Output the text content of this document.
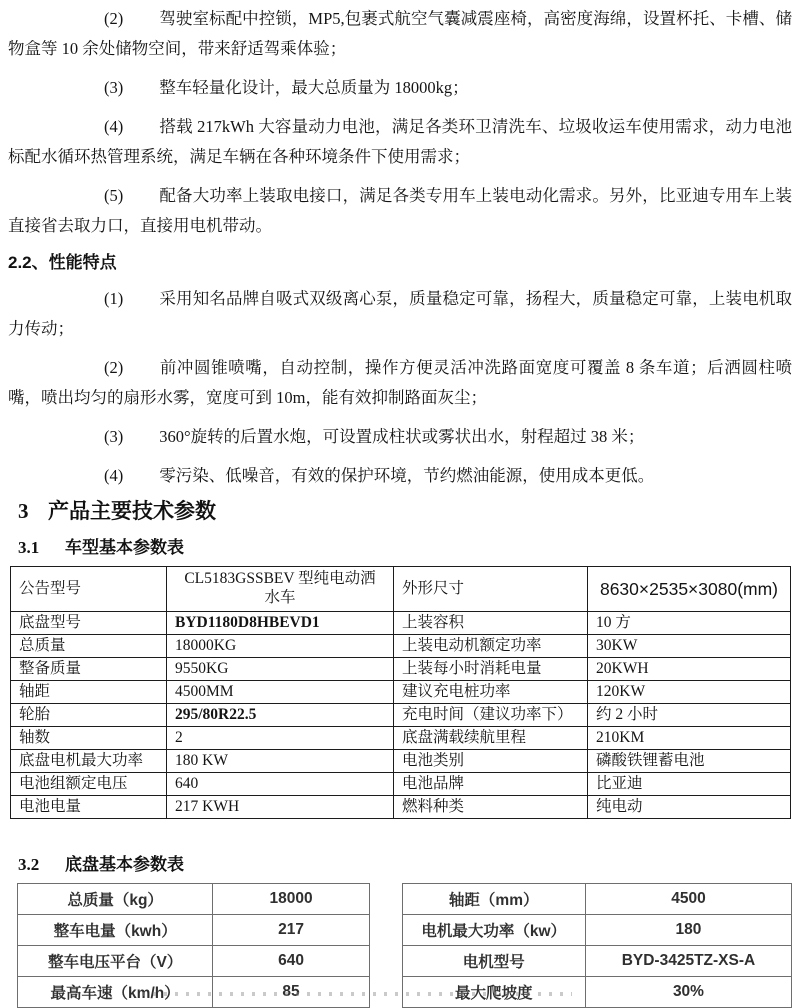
(2) 驾驶室标配中控锁，MP5,包裹式航空气囊减震座椅，高密度海绵，设置杯托、卡槽、储物盒等 10 余处储物空间，带来舒适驾乘体验；

(3) 整车轻量化设计，最大总质量为 18000kg；

(4) 搭载 217kWh 大容量动力电池，满足各类环卫清洗车、垃圾收运车使用需求，动力电池标配水循环热管理系统，满足车辆在各种环境条件下使用需求；

(5) 配备大功率上装取电接口，满足各类专用车上装电动化需求。另外，比亚迪专用车上装直接省去取力口，直接用电机带动。

2.2、性能特点

(1) 采用知名品牌自吸式双级离心泵，质量稳定可靠，扬程大，质量稳定可靠，上装电机取力传动；

(2) 前冲圆锥喷嘴，自动控制，操作方便灵活冲洗路面宽度可覆盖 8 条车道；后洒圆柱喷嘴，喷出均匀的扇形水雾，宽度可到 10m，能有效抑制路面灰尘；

(3) 360°旋转的后置水炮，可设置成柱状或雾状出水，射程超过 38 米；

(4) 零污染、低噪音，有效的保护环境，节约燃油能源，使用成本更低。

3 产品主要技术参数
3.1 车型基本参数表
公告型号	CL5183GSSBEV 型纯电动洒水车	外形尺寸	8630×2535×3080(mm)
底盘型号	BYD1180D8HBEVD1	上装容积	10 方
总质量	18000KG	上装电动机额定功率	30KW
整备质量	9550KG	上装每小时消耗电量	20KWH
轴距	4500MM	建议充电桩功率	120KW
轮胎	295/80R22.5	充电时间（建议功率下）	约 2 小时
轴数	2	底盘满载续航里程	210KM
底盘电机最大功率	180 KW	电池类别	磷酸铁锂蓄电池
电池组额定电压	640	电池品牌	比亚迪
电池电量	217 KWH	燃料种类	纯电动
3.2 底盘基本参数表
总质量（kg）	18000
整车电量（kwh）	217
整车电压平台（V）	640
最高车速（km/h）	85
轴距（mm）	4500
电机最大功率（kw）	180
电机型号	BYD-3425TZ-XS-A
最大爬坡度	30%
